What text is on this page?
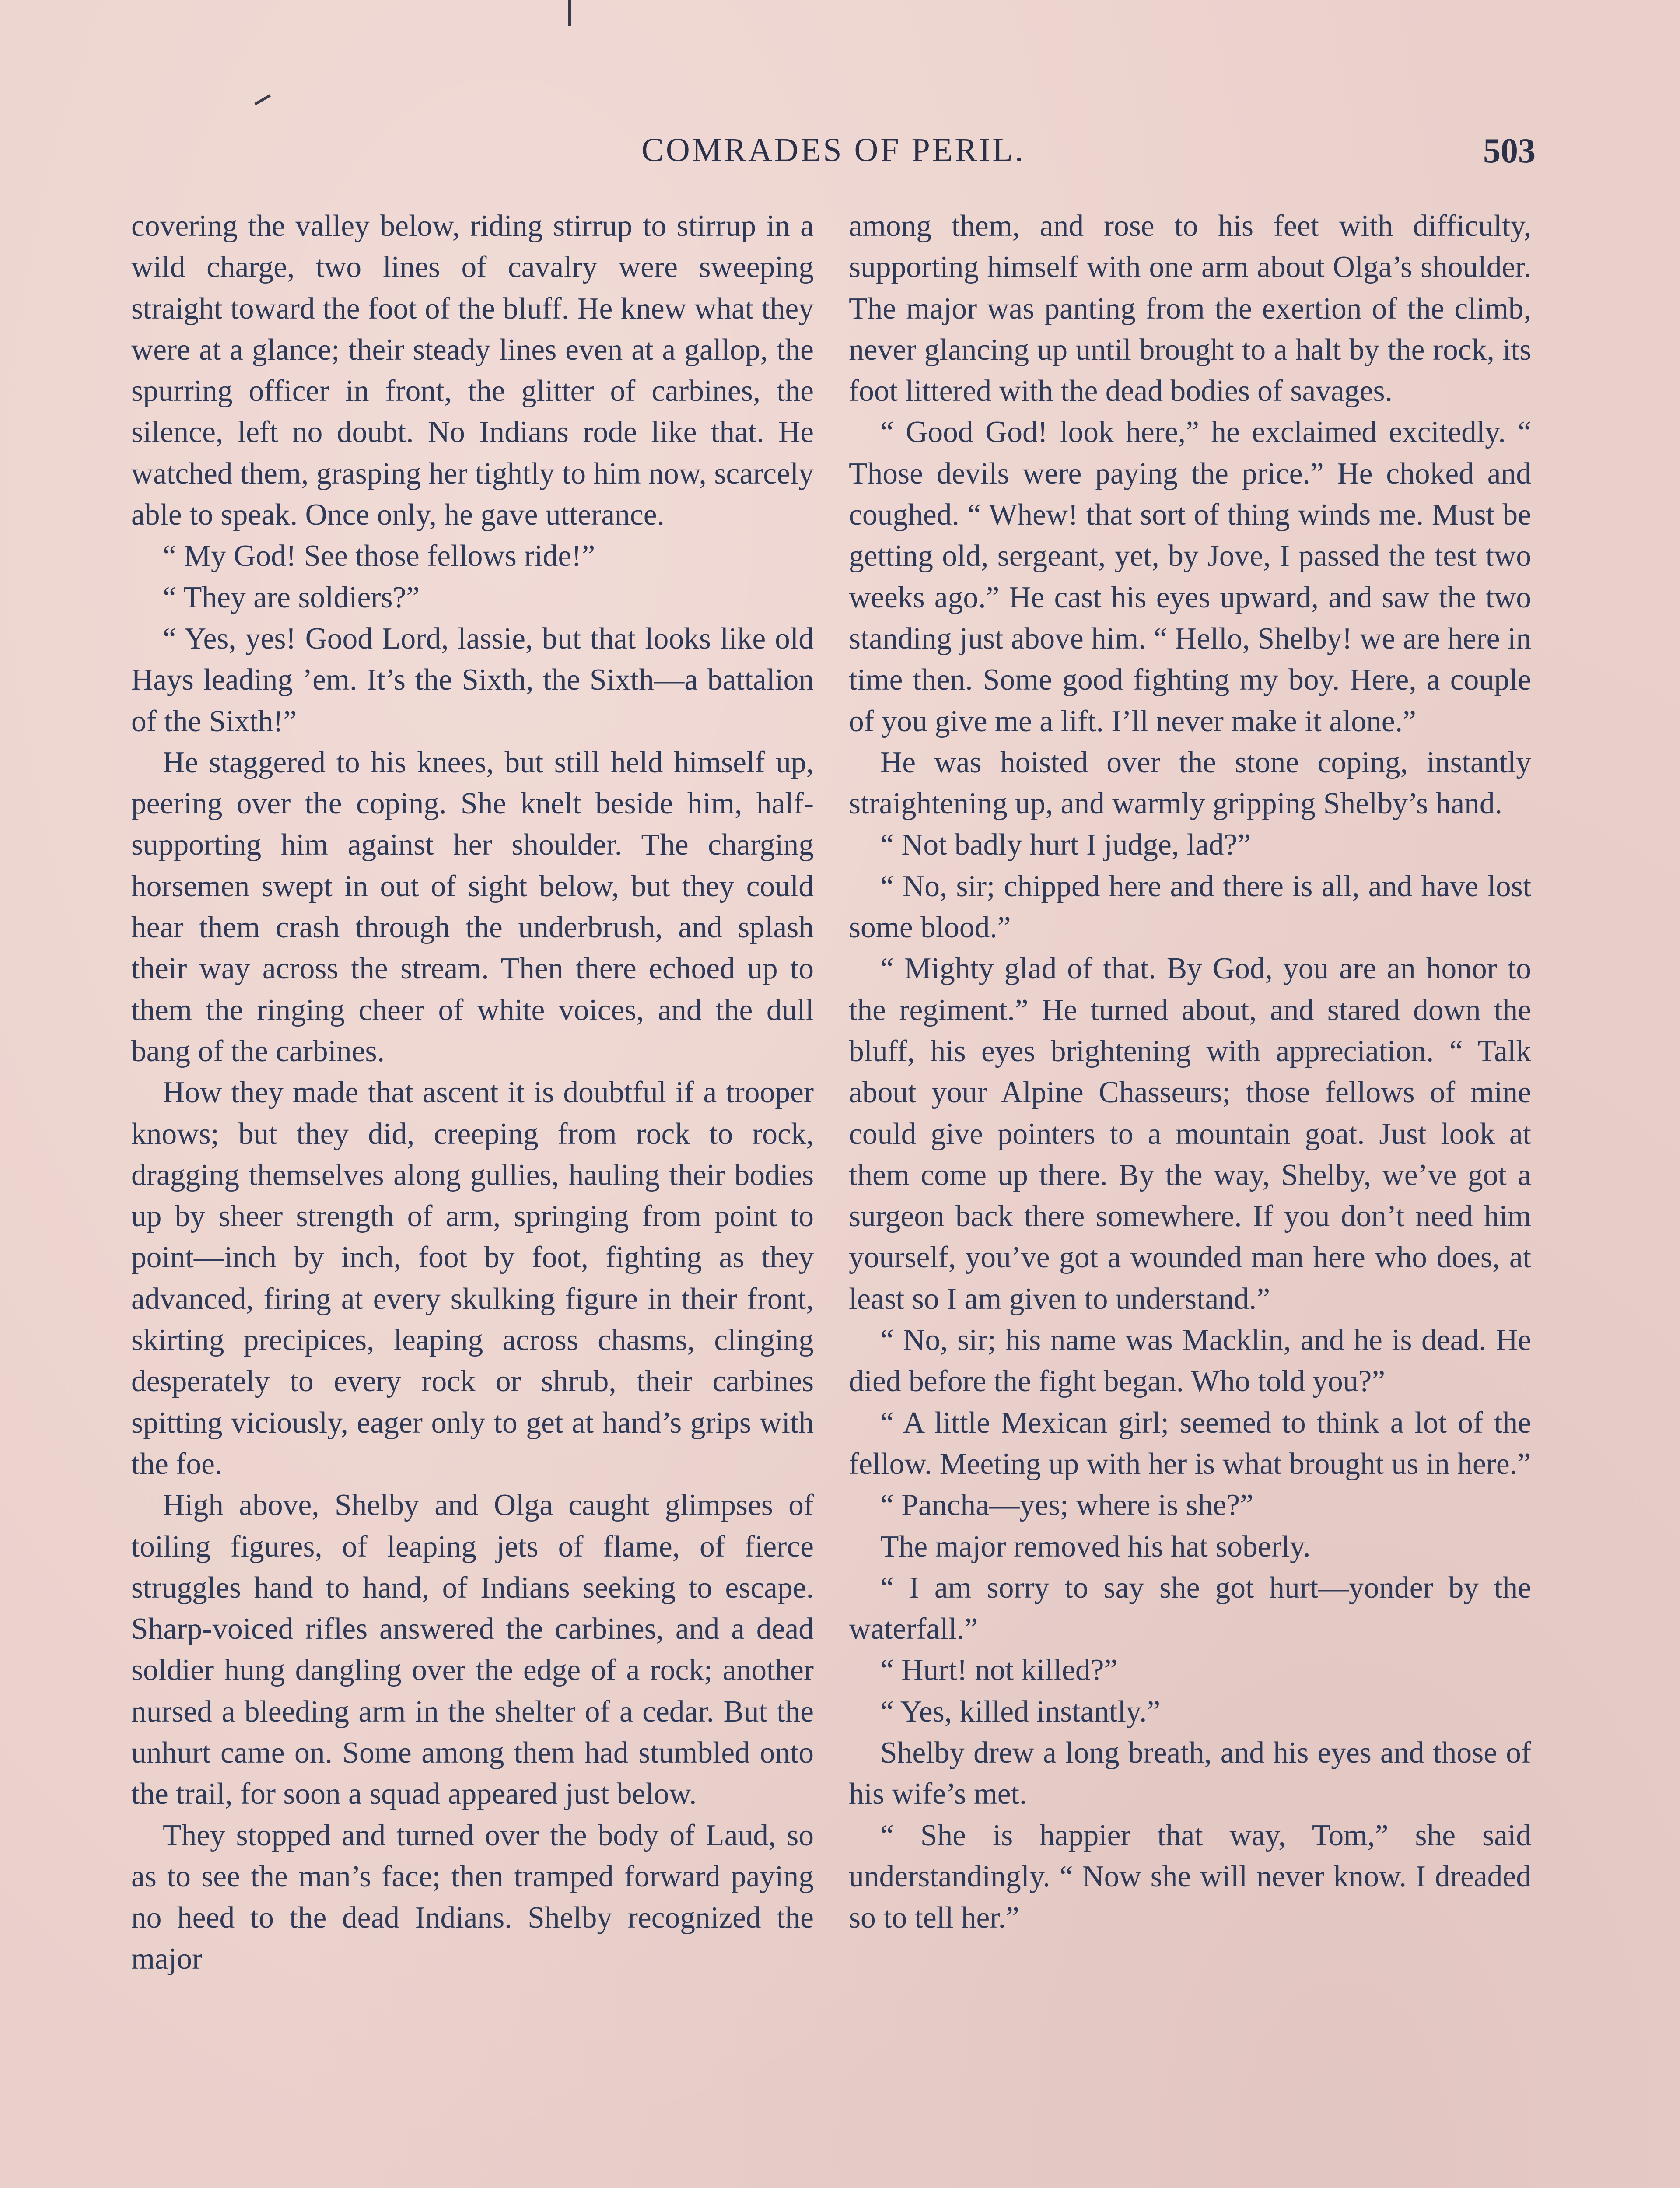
COMRADES OF PERIL.	503

covering the valley below, riding stirrup to stirrup in a wild charge, two lines of cavalry were sweeping straight toward the foot of the bluff. He knew what they were at a glance; their steady lines even at a gallop, the spurring officer in front, the glitter of carbines, the silence, left no doubt. No Indians rode like that. He watched them, grasping her tightly to him now, scarcely able to speak. Once only, he gave utterance.

“ My God! See those fellows ride!”

“ They are soldiers?”

“ Yes, yes! Good Lord, lassie, but that looks like old Hays leading ’em. It’s the Sixth, the Sixth—a battalion of the Sixth!”

He staggered to his knees, but still held himself up, peering over the coping. She knelt beside him, half-supporting him against her shoulder. The charging horsemen swept in out of sight below, but they could hear them crash through the underbrush, and splash their way across the stream. Then there echoed up to them the ringing cheer of white voices, and the dull bang of the carbines.

How they made that ascent it is doubtful if a trooper knows; but they did, creeping from rock to rock, dragging themselves along gullies, hauling their bodies up by sheer strength of arm, springing from point to point—inch by inch, foot by foot, fighting as they advanced, firing at every skulking figure in their front, skirting precipices, leaping across chasms, clinging desperately to every rock or shrub, their carbines spitting viciously, eager only to get at hand’s grips with the foe.

High above, Shelby and Olga caught glimpses of toiling figures, of leaping jets of flame, of fierce struggles hand to hand, of Indians seeking to escape. Sharp-voiced rifles answered the carbines, and a dead soldier hung dangling over the edge of a rock; another nursed a bleeding arm in the shelter of a cedar. But the unhurt came on. Some among them had stumbled onto the trail, for soon a squad appeared just below.

They stopped and turned over the body of Laud, so as to see the man’s face; then tramped forward paying no heed to the dead Indians. Shelby recognized the major

among them, and rose to his feet with difficulty, supporting himself with one arm about Olga’s shoulder. The major was panting from the exertion of the climb, never glancing up until brought to a halt by the rock, its foot littered with the dead bodies of savages.

“ Good God! look here,” he exclaimed excitedly. “ Those devils were paying the price.” He choked and coughed. “ Whew! that sort of thing winds me. Must be getting old, sergeant, yet, by Jove, I passed the test two weeks ago.” He cast his eyes upward, and saw the two standing just above him. “ Hello, Shelby! we are here in time then. Some good fighting my boy. Here, a couple of you give me a lift. I’ll never make it alone.”

He was hoisted over the stone coping, instantly straightening up, and warmly gripping Shelby’s hand.

“ Not badly hurt I judge, lad?”

“ No, sir; chipped here and there is all, and have lost some blood.”

“ Mighty glad of that. By God, you are an honor to the regiment.” He turned about, and stared down the bluff, his eyes brightening with appreciation. “ Talk about your Alpine Chasseurs; those fellows of mine could give pointers to a mountain goat. Just look at them come up there. By the way, Shelby, we’ve got a surgeon back there somewhere. If you don’t need him yourself, you’ve got a wounded man here who does, at least so I am given to understand.”

“ No, sir; his name was Macklin, and he is dead. He died before the fight began. Who told you?”

“ A little Mexican girl; seemed to think a lot of the fellow. Meeting up with her is what brought us in here.”

“ Pancha—yes; where is she?”

The major removed his hat soberly.

“ I am sorry to say she got hurt—yonder by the waterfall.”

“ Hurt! not killed?”

“ Yes, killed instantly.”

Shelby drew a long breath, and his eyes and those of his wife’s met.

“ She is happier that way, Tom,” she said understandingly. “ Now she will never know. I dreaded so to tell her.”
